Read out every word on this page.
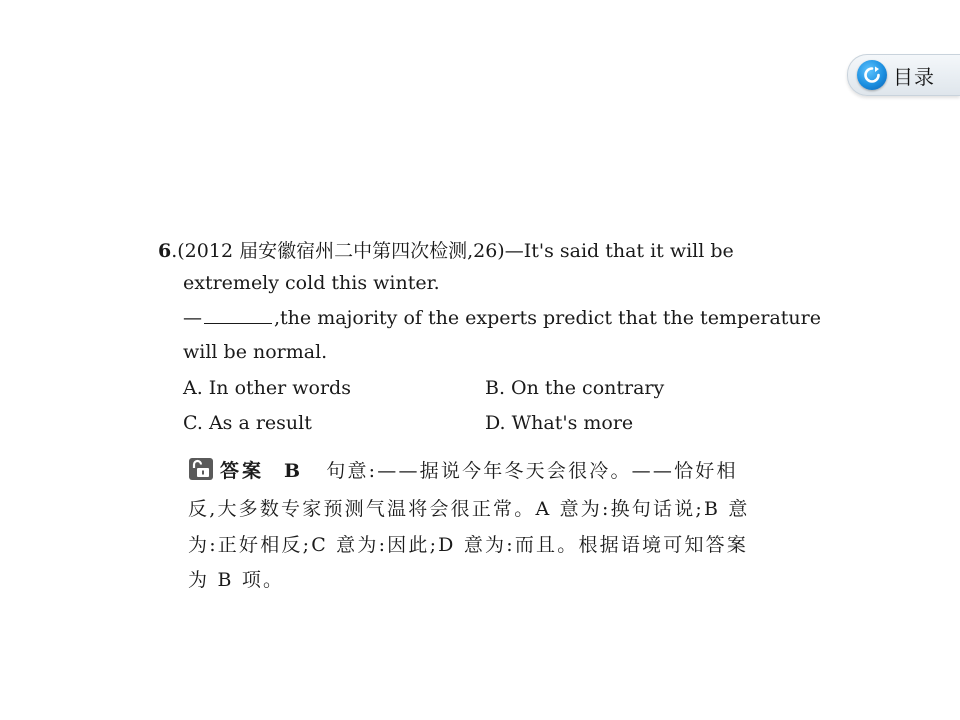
目录
6.(2012 届安徽宿州二中第四次检测,26)—It's said that it will be
extremely cold this winter.
—	,the majority of the experts predict that the temperature
will be normal.
A. In other words	B. On the contrary
C. As a result	D. What's more
答案 B 句意:——据说今年冬天会很冷。——恰好相
反,大多数专家预测气温将会很正常。A 意为:换句话说;B 意
为:正好相反;C 意为:因此;D 意为:而且。根据语境可知答案
为 B 项。
